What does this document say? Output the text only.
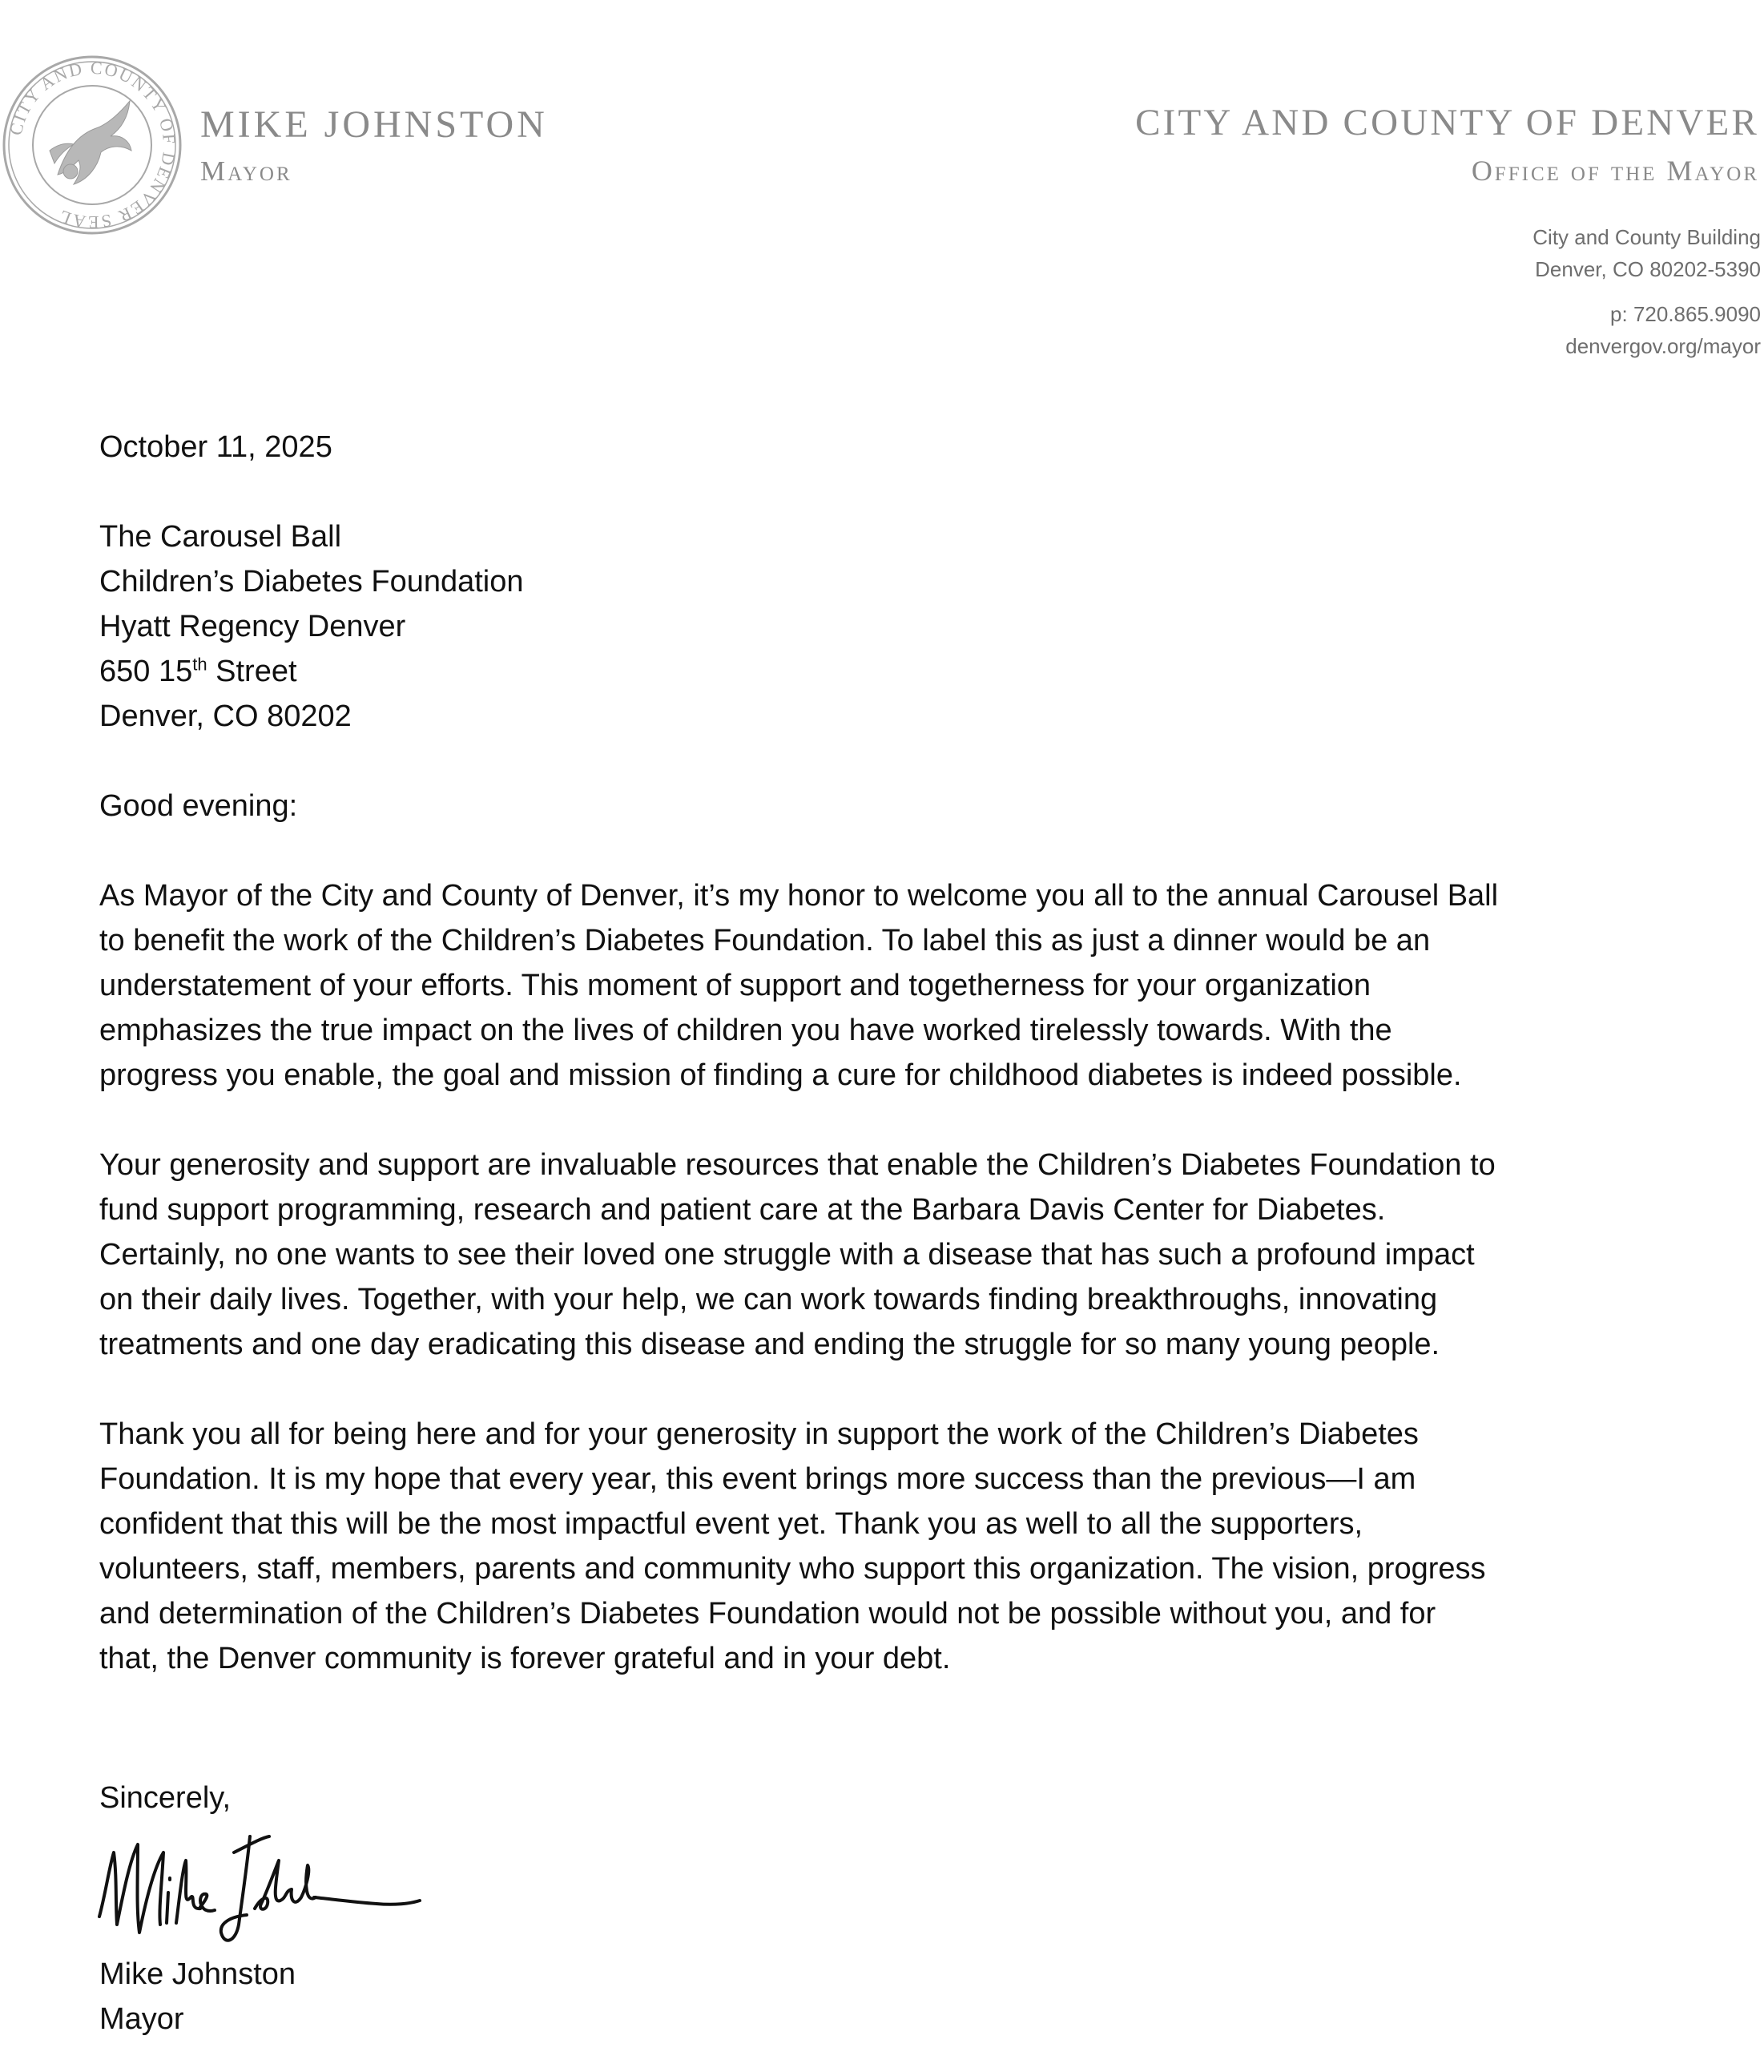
CITY AND COUNTY OF DENVER SEAL
MIKE JOHNSTON
Mayor
CITY AND COUNTY OF DENVER
Office of the Mayor
City and County Building
Denver, CO 80202-5390
p: 720.865.9090
denvergov.org/mayor
October 11, 2025
The Carousel Ball
Children’s Diabetes Foundation
Hyatt Regency Denver
650 15th Street
Denver, CO 80202
Good evening:
As Mayor of the City and County of Denver, it’s my honor to welcome you all to the annual Carousel Ball
to benefit the work of the Children’s Diabetes Foundation. To label this as just a dinner would be an
understatement of your efforts. This moment of support and togetherness for your organization
emphasizes the true impact on the lives of children you have worked tirelessly towards. With the
progress you enable, the goal and mission of finding a cure for childhood diabetes is indeed possible.
Your generosity and support are invaluable resources that enable the Children’s Diabetes Foundation to
fund support programming, research and patient care at the Barbara Davis Center for Diabetes.
Certainly, no one wants to see their loved one struggle with a disease that has such a profound impact
on their daily lives. Together, with your help, we can work towards finding breakthroughs, innovating
treatments and one day eradicating this disease and ending the struggle for so many young people.
Thank you all for being here and for your generosity in support the work of the Children’s Diabetes
Foundation. It is my hope that every year, this event brings more success than the previous—I am
confident that this will be the most impactful event yet. Thank you as well to all the supporters,
volunteers, staff, members, parents and community who support this organization. The vision, progress
and determination of the Children’s Diabetes Foundation would not be possible without you, and for
that, the Denver community is forever grateful and in your debt.
Sincerely,
Mike Johnston
Mayor
